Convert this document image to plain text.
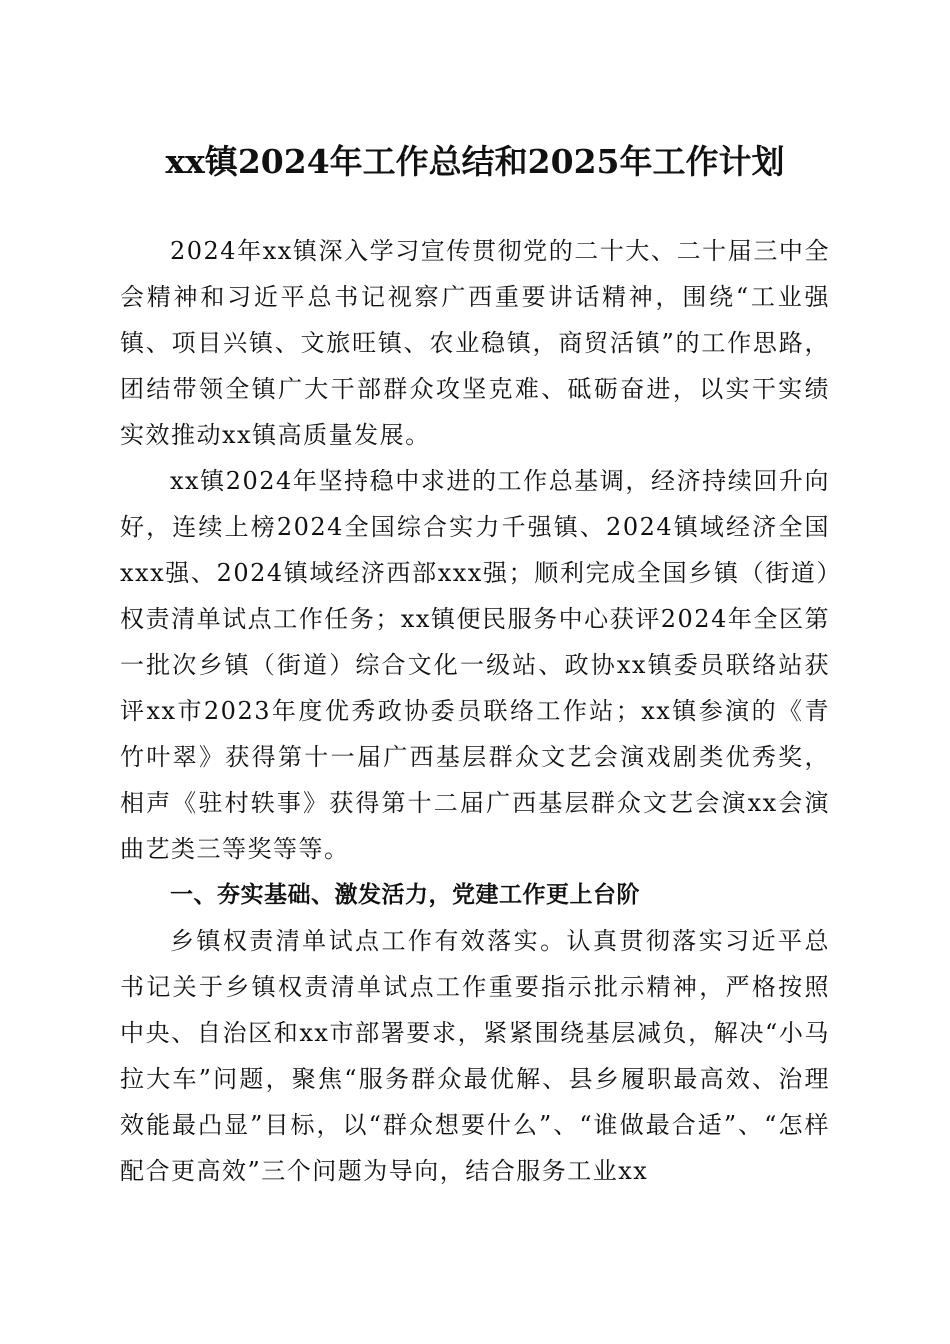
xx镇2024年工作总结和2025年工作计划

2024年xx镇深入学习宣传贯彻党的二十大、二十届三中全会精神和习近平总书记视察广西重要讲话精神，围绕“工业强镇、项目兴镇、文旅旺镇、农业稳镇，商贸活镇”的工作思路，团结带领全镇广大干部群众攻坚克难、砥砺奋进，以实干实绩实效推动xx镇高质量发展。

xx镇2024年坚持稳中求进的工作总基调，经济持续回升向好，连续上榜2024全国综合实力千强镇、2024镇域经济全国xxx强、2024镇域经济西部xxx强；顺利完成全国乡镇（街道）权责清单试点工作任务；xx镇便民服务中心获评2024年全区第一批次乡镇（街道）综合文化一级站、政协xx镇委员联络站获评xx市2023年度优秀政协委员联络工作站；xx镇参演的《青竹叶翠》获得第十一届广西基层群众文艺会演戏剧类优秀奖，相声《驻村轶事》获得第十二届广西基层群众文艺会演xx会演曲艺类三等奖等等。

一、夯实基础、激发活力，党建工作更上台阶

乡镇权责清单试点工作有效落实。认真贯彻落实习近平总书记关于乡镇权责清单试点工作重要指示批示精神，严格按照中央、自治区和xx市部署要求，紧紧围绕基层减负，解决“小马拉大车”问题，聚焦“服务群众最优解、县乡履职最高效、治理效能最凸显”目标，以“群众想要什么”、“谁做最合适”、“怎样配合更高效”三个问题为导向，结合服务工业xx
